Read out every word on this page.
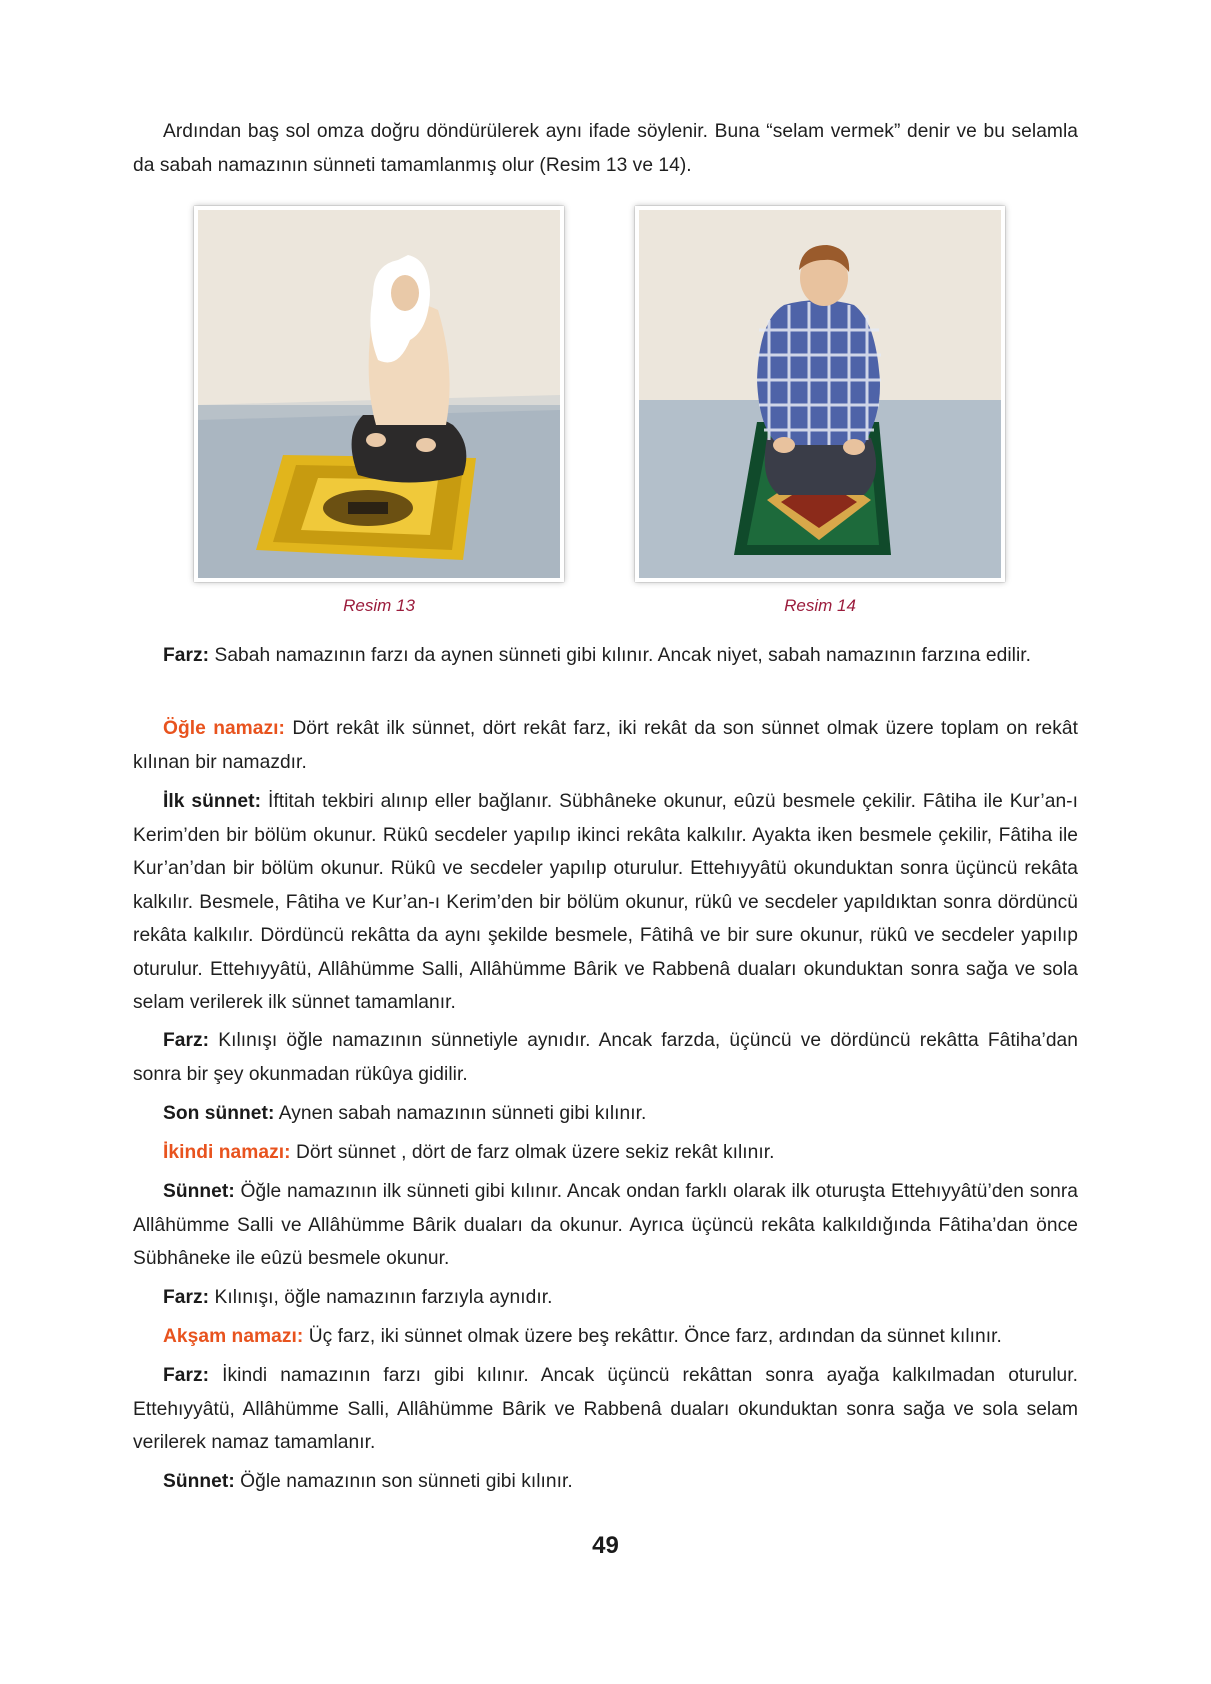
Ardından baş sol omza doğru döndürülerek aynı ifade söylenir. Buna “selam vermek” denir ve bu selamla da sabah namazının sünneti tamamlanmış olur (Resim 13 ve 14).

Resim 13	Resim 14

Farz: Sabah namazının farzı da aynen sünneti gibi kılınır. Ancak niyet, sabah namazının farzına edilir.

Öğle namazı: Dört rekât ilk sünnet, dört rekât farz, iki rekât da son sünnet olmak üzere toplam on rekât kılınan bir namazdır.

İlk sünnet: İftitah tekbiri alınıp eller bağlanır. Sübhâneke okunur, eûzü besmele çekilir. Fâtiha ile Kur’an-ı Kerim’den bir bölüm okunur. Rükû secdeler yapılıp ikinci rekâta kalkılır. Ayakta iken besmele çekilir, Fâtiha ile Kur’an’dan bir bölüm okunur. Rükû ve secdeler yapılıp oturulur. Ettehıyyâtü okunduktan sonra üçüncü rekâta kalkılır. Besmele, Fâtiha ve Kur’an-ı Kerim’den bir bölüm okunur, rükû ve secdeler yapıldıktan sonra dördüncü rekâta kalkılır. Dördüncü rekâtta da aynı şekilde besmele, Fâtihâ ve bir sure okunur, rükû ve secdeler yapılıp oturulur. Ettehıyyâtü, Allâhümme Salli, Allâhümme Bârik ve Rabbenâ duaları okunduktan sonra sağa ve sola selam verilerek ilk sünnet tamamlanır.

Farz: Kılınışı öğle namazının sünnetiyle aynıdır. Ancak farzda, üçüncü ve dördüncü rekâtta Fâtiha’dan sonra bir şey okunmadan rükûya gidilir.

Son sünnet: Aynen sabah namazının sünneti gibi kılınır.

İkindi namazı: Dört sünnet , dört de farz olmak üzere sekiz rekât kılınır.

Sünnet: Öğle namazının ilk sünneti gibi kılınır. Ancak ondan farklı olarak ilk oturuşta Ettehıyyâtü’den sonra Allâhümme Salli ve Allâhümme Bârik duaları da okunur. Ayrıca üçüncü rekâta kalkıldığında Fâtiha’dan önce Sübhâneke ile eûzü besmele okunur.

Farz: Kılınışı, öğle namazının farzıyla aynıdır.

Akşam namazı: Üç farz, iki sünnet olmak üzere beş rekâttır. Önce farz, ardından da sünnet kılınır.

Farz: İkindi namazının farzı gibi kılınır. Ancak üçüncü rekâttan sonra ayağa kalkılmadan oturulur. Ettehıyyâtü, Allâhümme Salli, Allâhümme Bârik ve Rabbenâ duaları okunduktan sonra sağa ve sola selam verilerek namaz tamamlanır.

Sünnet: Öğle namazının son sünneti gibi kılınır.

49
